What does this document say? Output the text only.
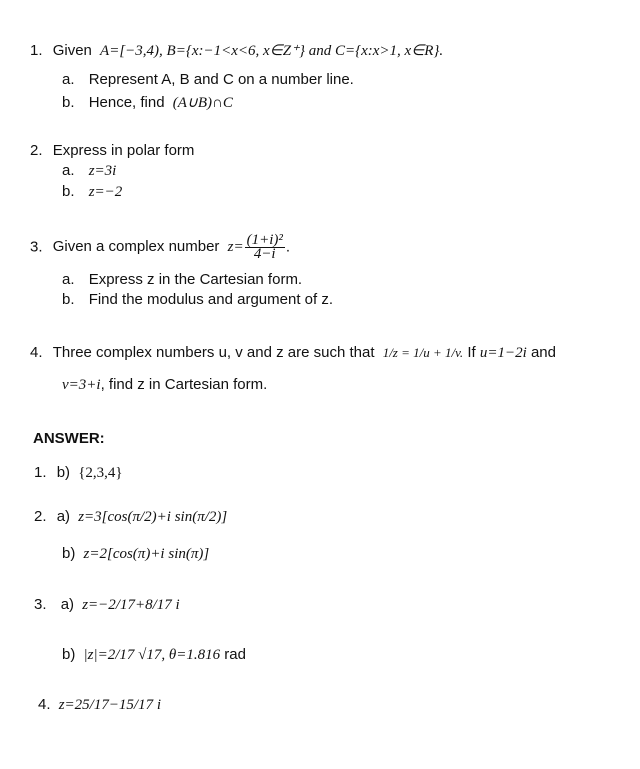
1. Given A=[−3,4), B={x:−1<x<6, x∈Z⁺} and C={x:x>1, x∈R}.
a. Represent A, B and C on a number line.
b. Hence, find (A∪B)∩C
2. Express in polar form
a. z=3i
b. z=−2
3. Given a complex number $z= \frac{\text{(1+i)²}}{4-i}$ .
a. Express z in the Cartesian form.
b. Find the modulus and argument of z.
4. Three complex numbers u, v and z are such that 1/z = 1/u + 1/v. If u=1−2i and
v=3+i, find z in Cartesian form.
ANSWER:
1. b) {2,3,4}
2. a) z=3[cos(π/2)+i sin(π/2)]
b) z=2[cos(π)+i sin(π)]
3. a) z=−2/17+8/17 i
b) |z|=2/17 √17, θ=1.816 rad
4. z=25/17−15/17 i
